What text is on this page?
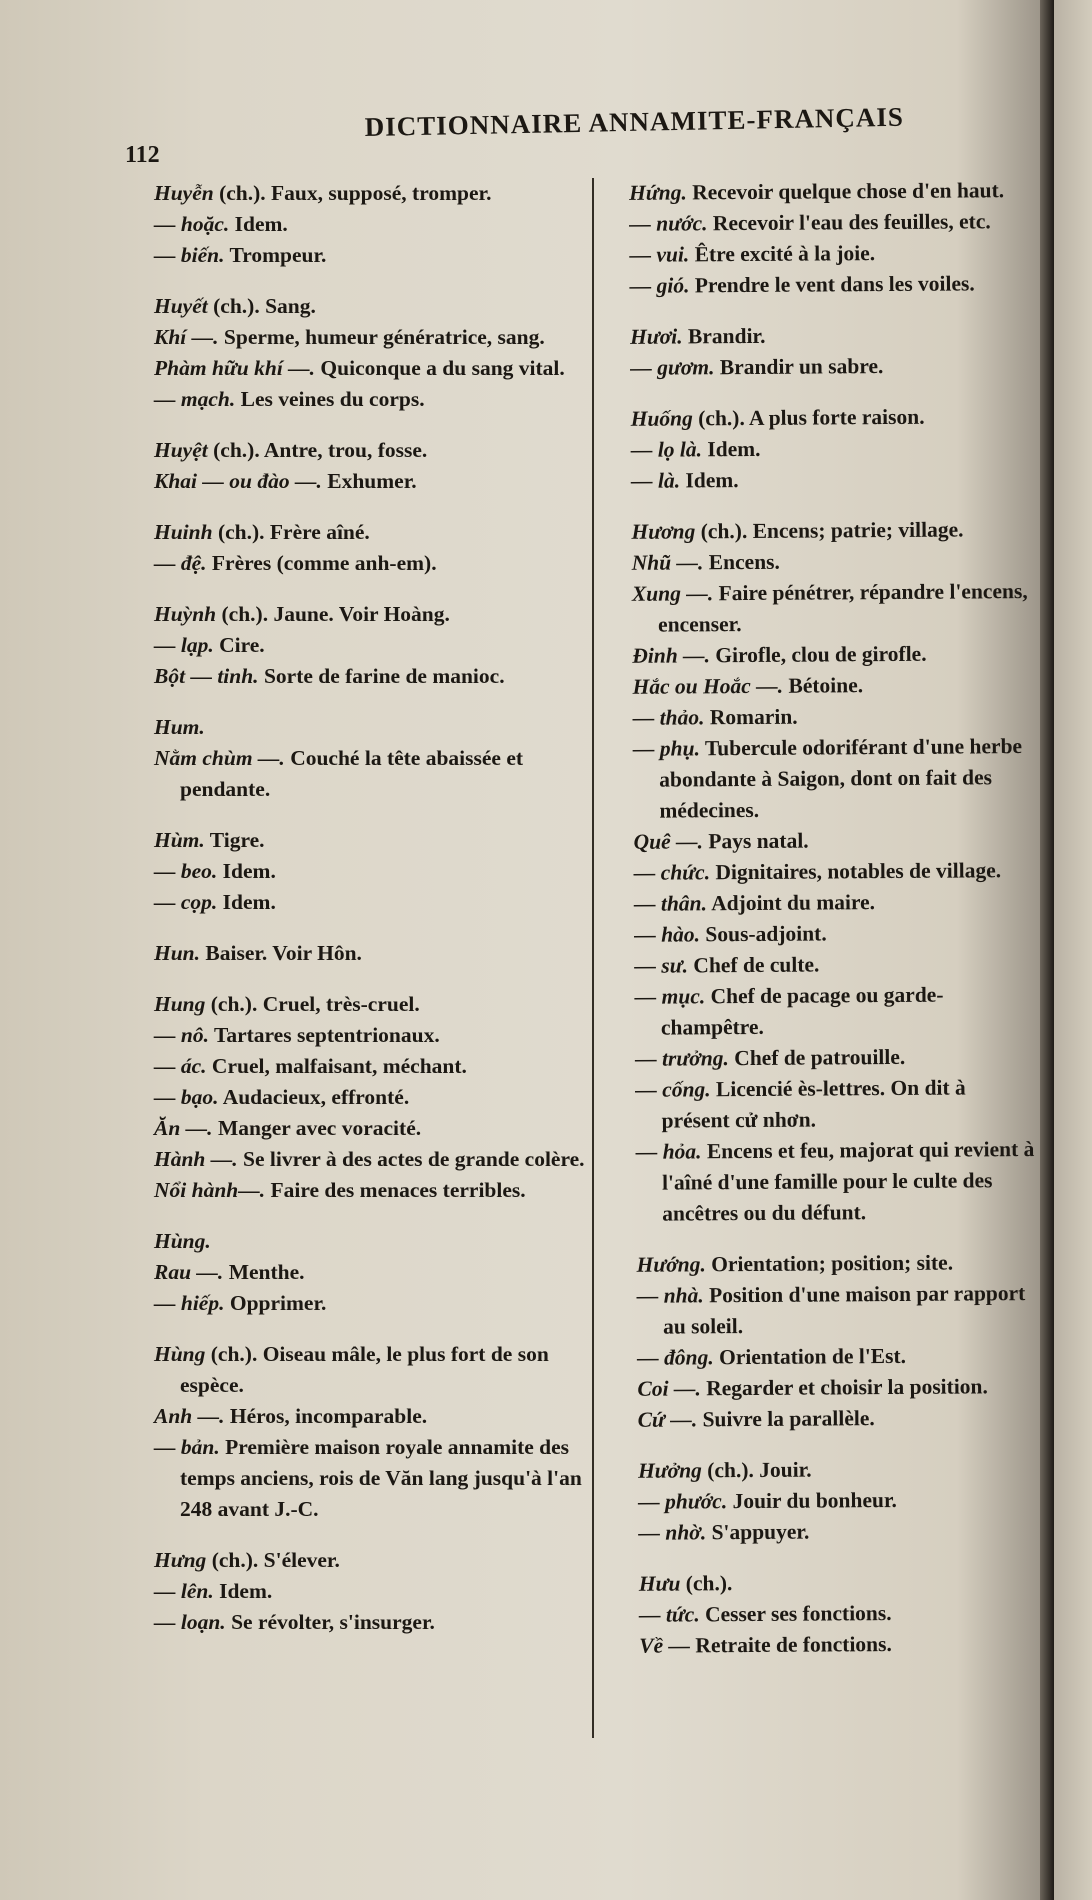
112
DICTIONNAIRE ANNAMITE-FRANÇAIS
Huyễn (ch.). Faux, supposé, tromper.
— hoặc. Idem.
— biến. Trompeur.
Huyết (ch.). Sang.
Khí —. Sperme, humeur génératrice, sang.
Phàm hữu khí —. Quiconque a du sang vital.
— mạch. Les veines du corps.
Huyệt (ch.). Antre, trou, fosse.
Khai — ou đào —. Exhumer.
Huinh (ch.). Frère aîné.
— đệ. Frères (comme anh-em).
Huỳnh (ch.). Jaune. Voir Hoàng.
— lạp. Cire.
Bột — tinh. Sorte de farine de manioc.
Hum.
Nằm chùm —. Couché la tête abaissée et pendante.
Hùm. Tigre.
— beo. Idem.
— cọp. Idem.
Hun. Baiser. Voir Hôn.
Hung (ch.). Cruel, très-cruel.
— nô. Tartares septentrionaux.
— ác. Cruel, malfaisant, méchant.
— bạo. Audacieux, effronté.
Ăn —. Manger avec voracité.
Hành —. Se livrer à des actes de grande colère.
Nổi hành—. Faire des menaces terribles.
Hùng.
Rau —. Menthe.
— hiếp. Opprimer.
Hùng (ch.). Oiseau mâle, le plus fort de son espèce.
Anh —. Héros, incomparable.
— bản. Première maison royale annamite des temps anciens, rois de Văn lang jusqu'à l'an 248 avant J.-C.
Hưng (ch.). S'élever.
— lên. Idem.
— loạn. Se révolter, s'insurger.
Hứng. Recevoir quelque chose d'en haut.
— nước. Recevoir l'eau des feuilles, etc.
— vui. Être excité à la joie.
— gió. Prendre le vent dans les voiles.
Hươi. Brandir.
— gươm. Brandir un sabre.
Huống (ch.). A plus forte raison.
— lọ là. Idem.
— là. Idem.
Hương (ch.). Encens; patrie; village.
Nhũ —. Encens.
Xung —. Faire pénétrer, répandre l'encens, encenser.
Đinh —. Girofle, clou de girofle.
Hắc ou Hoắc —. Bétoine.
— thảo. Romarin.
— phụ. Tubercule odoriférant d'une herbe abondante à Saigon, dont on fait des médecines.
Quê —. Pays natal.
— chức. Dignitaires, notables de village.
— thân. Adjoint du maire.
— hào. Sous-adjoint.
— sư. Chef de culte.
— mục. Chef de pacage ou garde-champêtre.
— trưởng. Chef de patrouille.
— cống. Licencié ès-lettres. On dit à présent cử nhơn.
— hỏa. Encens et feu, majorat qui revient à l'aîné d'une famille pour le culte des ancêtres ou du défunt.
Hướng. Orientation; position; site.
— nhà. Position d'une maison par rapport au soleil.
— đông. Orientation de l'Est.
Coi —. Regarder et choisir la position.
Cứ —. Suivre la parallèle.
Hưởng (ch.). Jouir.
— phước. Jouir du bonheur.
— nhờ. S'appuyer.
Hưu (ch.).
— tức. Cesser ses fonctions.
Về — Retraite de fonctions.
